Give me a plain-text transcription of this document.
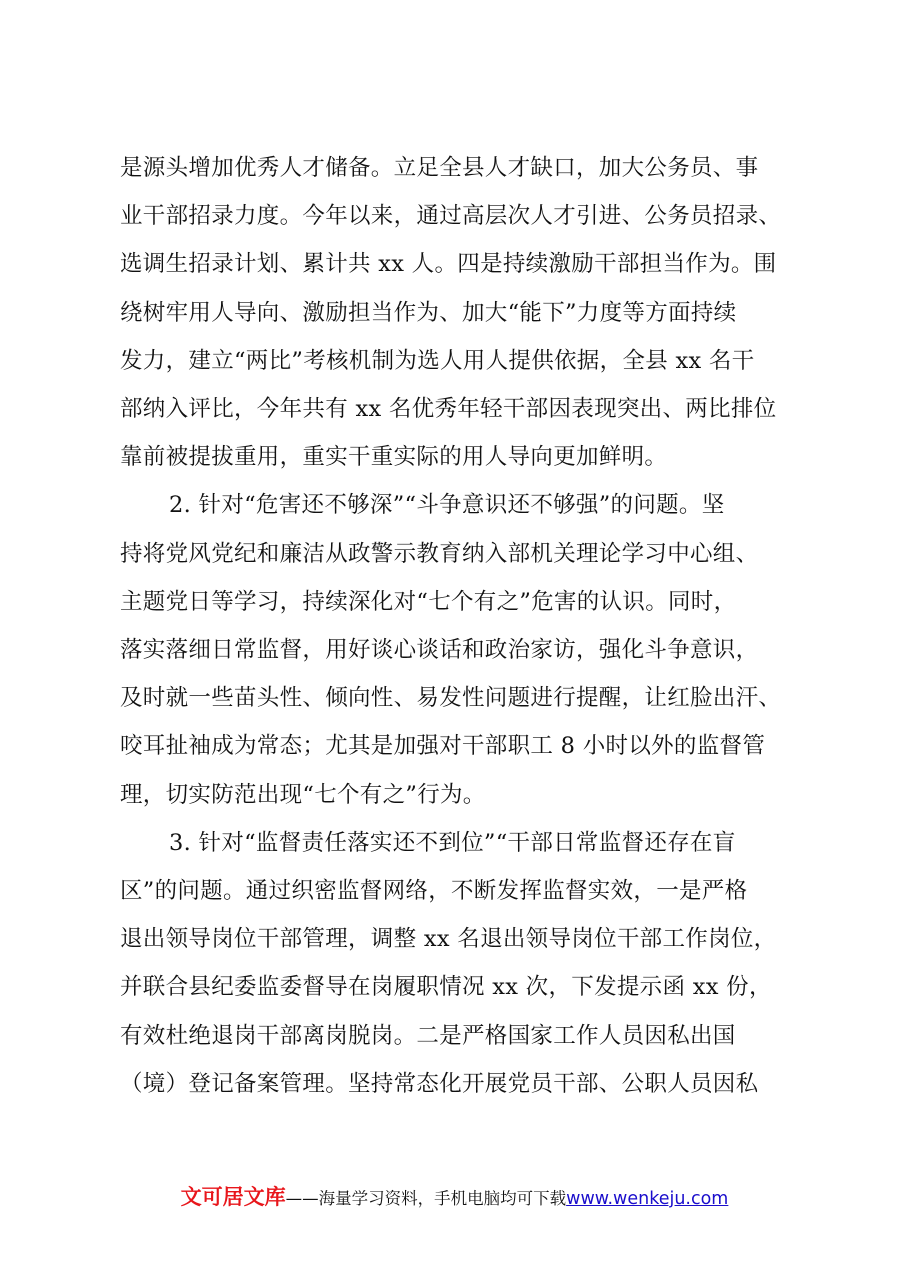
是源头增加优秀人才储备。立足全县人才缺口，加大公务员、事
业干部招录力度。今年以来，通过高层次人才引进、公务员招录、
选调生招录计划、累计共 xx 人。四是持续激励干部担当作为。围
绕树牢用人导向、激励担当作为、加大“能下”力度等方面持续
发力，建立“两比”考核机制为选人用人提供依据，全县 xx 名干
部纳入评比，今年共有 xx 名优秀年轻干部因表现突出、两比排位
靠前被提拔重用，重实干重实际的用人导向更加鲜明。

2. 针对“危害还不够深”“斗争意识还不够强”的问题。坚
持将党风党纪和廉洁从政警示教育纳入部机关理论学习中心组、
主题党日等学习，持续深化对“七个有之”危害的认识。同时，
落实落细日常监督，用好谈心谈话和政治家访，强化斗争意识，
及时就一些苗头性、倾向性、易发性问题进行提醒，让红脸出汗、
咬耳扯袖成为常态；尤其是加强对干部职工 8 小时以外的监督管
理，切实防范出现“七个有之”行为。

3. 针对“监督责任落实还不到位”“干部日常监督还存在盲
区”的问题。通过织密监督网络，不断发挥监督实效，一是严格
退出领导岗位干部管理，调整 xx 名退出领导岗位干部工作岗位，
并联合县纪委监委督导在岗履职情况 xx 次，下发提示函 xx 份，
有效杜绝退岗干部离岗脱岗。二是严格国家工作人员因私出国
（境）登记备案管理。坚持常态化开展党员干部、公职人员因私

文可居文库——海量学习资料，手机电脑均可下载www.wenkeju.com
